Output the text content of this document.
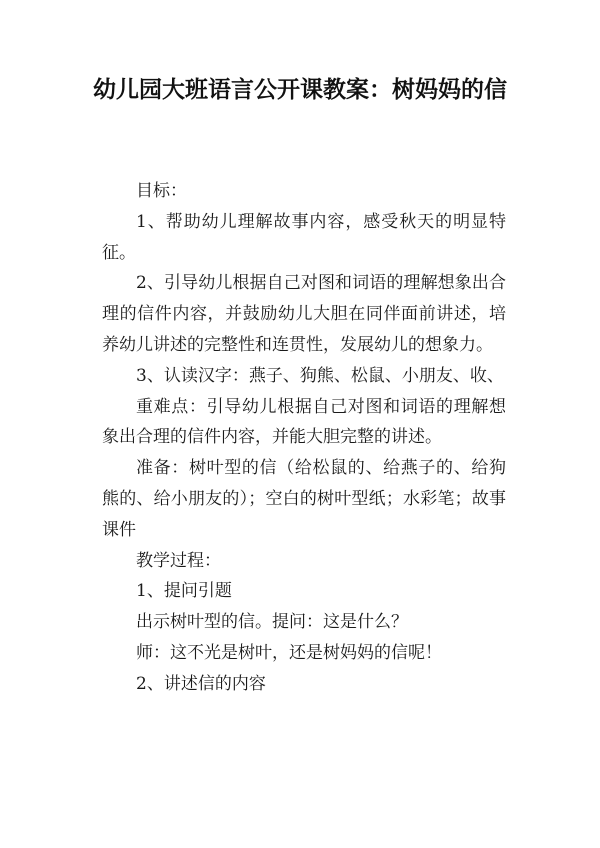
幼儿园大班语言公开课教案：树妈妈的信

目标：

1、帮助幼儿理解故事内容，感受秋天的明显特征。

2、引导幼儿根据自己对图和词语的理解想象出合理的信件内容，并鼓励幼儿大胆在同伴面前讲述，培养幼儿讲述的完整性和连贯性，发展幼儿的想象力。

3、认读汉字：燕子、狗熊、松鼠、小朋友、收、

重难点：引导幼儿根据自己对图和词语的理解想象出合理的信件内容，并能大胆完整的讲述。

准备：树叶型的信（给松鼠的、给燕子的、给狗熊的、给小朋友的）；空白的树叶型纸；水彩笔；故事课件

教学过程：

1、提问引题

出示树叶型的信。提问：这是什么？

师：这不光是树叶，还是树妈妈的信呢！

2、讲述信的内容
